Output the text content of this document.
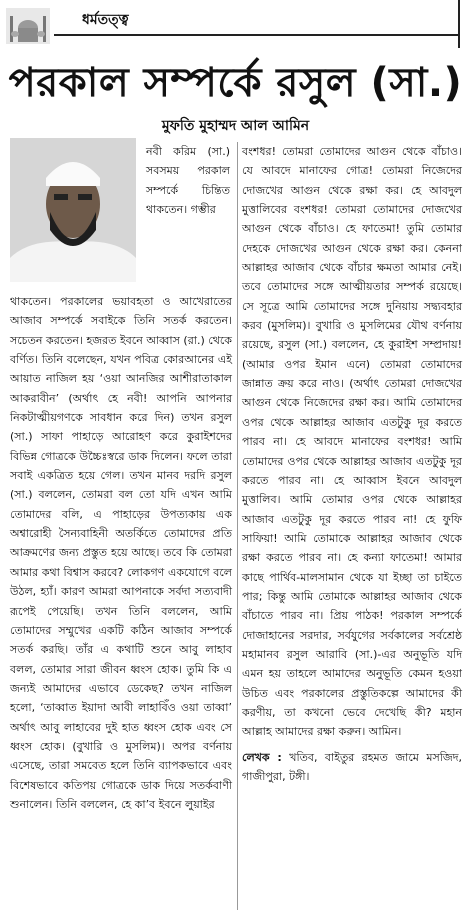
ধর্মতত্ত্ব
পরকাল সম্পর্কে রসুল (সা.)
মুফতি মুহাম্মদ আল আমিন

নবী করিম (সা.) সবসময় পরকাল সম্পর্কে চিন্তিত থাকতেন। গম্ভীর

থাকতেন। পরকালের ভয়াবহতা ও আখেরাতের আজাব সম্পর্কে সবাইকে তিনি সতর্ক করতেন। সচেতন করতেন। হজরত ইবনে আব্বাস (রা.) থেকে বর্ণিত। তিনি বলেছেন, যখন পবিত্র কোরআনের এই আয়াত নাজিল হয় ‘ওয়া আনজির আশীরাতাকাল আকরাবীন’ (অর্থাৎ হে নবী! আপনি আপনার নিকটাত্মীয়গণকে সাবধান করে দিন) তখন রসুল (সা.) সাফা পাহাড়ে আরোহণ করে কুরাইশদের বিভিন্ন গোত্রকে উচ্চৈঃস্বরে ডাক দিলেন। ফলে তারা সবাই একত্রিত হয়ে গেল। তখন মানব দরদি রসুল (সা.) বললেন, তোমরা বল তো যদি এখন আমি তোমাদের বলি, এ পাহাড়ের উপত্যকায় এক অশ্বারোহী সৈন্যবাহিনী অতর্কিতে তোমাদের প্রতি আক্রমণের জন্য প্রস্তুত হয়ে আছে। তবে কি তোমরা আমার কথা বিশ্বাস করবে? লোকগণ একযোগে বলে উঠল, হ্যাঁ। কারণ আমরা আপনাকে সর্বদা সত্যবাদী রূপেই পেয়েছি। তখন তিনি বললেন, আমি তোমাদের সম্মুখের একটি কঠিন আজাব সম্পর্কে সতর্ক করছি। তাঁর এ কথাটি শুনে আবু লাহাব বলল, তোমার সারা জীবন ধ্বংস হোক। তুমি কি এ জন্যই আমাদের এভাবে ডেকেছ? তখন নাজিল হলো, ‘তাব্বাত ইয়াদা আবী লাহাবিঁও ওয়া তাব্বা’ অর্থাৎ আবু লাহাবের দুই হাত ধ্বংস হোক এবং সে ধ্বংস হোক। (বুখারি ও মুসলিম)। অপর বর্ণনায় এসেছে, তারা সমবেত হলে তিনি ব্যাপকভাবে এবং বিশেষভাবে কতিপয় গোত্রকে ডাক দিয়ে সতর্কবাণী শুনালেন। তিনি বললেন, হে কা’ব ইবনে লুয়াইর

বংশধর! তোমরা তোমাদের আগুন থেকে বাঁচাও। যে আবদে মানাফের গোত্র! তোমরা নিজেদের দোজখের আগুন থেকে রক্ষা কর। হে আবদুল মুত্তালিবের বংশধর! তোমরা তোমাদের দোজখের আগুন থেকে বাঁচাও। হে ফাতেমা! তুমি তোমার দেহকে দোজখের আগুন থেকে রক্ষা কর। কেননা আল্লাহর আজাব থেকে বাঁচার ক্ষমতা আমার নেই। তবে তোমাদের সঙ্গে আত্মীয়তার সম্পর্ক রয়েছে। সে সূত্রে আমি তোমাদের সঙ্গে দুনিয়ায় সদ্ব্যবহার করব (মুসলিম)। বুখারি ও মুসলিমের যৌথ বর্ণনায় রয়েছে, রসুল (সা.) বললেন, হে কুরাইশ সম্প্রদায়! (আমার ওপর ইমান এনে) তোমরা তোমাদের জান্নাত ক্রয় করে নাও। (অর্থাৎ তোমরা দোজখের আগুন থেকে নিজেদের রক্ষা কর। আমি তোমাদের ওপর থেকে আল্লাহর আজাব এতটুকু দূর করতে পারব না। হে আবদে মানাফের বংশধর! আমি তোমাদের ওপর থেকে আল্লাহর আজাব এতটুকু দূর করতে পারব না। হে আব্বাস ইবনে আবদুল মুত্তালিব। আমি তোমার ওপর থেকে আল্লাহর আজাব এতটুকু দূর করতে পারব না! হে ফুফি সাফিয়া! আমি তোমাকে আল্লাহর আজাব থেকে রক্ষা করতে পারব না। হে কন্যা ফাতেমা! আমার কাছে পার্থিব-মালসামান থেকে যা ইচ্ছা তা চাইতে পার; কিন্তু আমি তোমাকে আল্লাহর আজাব থেকে বাঁচাতে পারব না। প্রিয় পাঠক! পরকাল সম্পর্কে দোজাহানের সরদার, সর্বযুগের সর্বকালের সর্বশ্রেষ্ঠ মহামানব রসুল আরাবি (সা.)-এর অনুভূতি যদি এমন হয় তাহলে আমাদের অনুভূতি কেমন হওয়া উচিত এবং পরকালের প্রস্তুতিকল্পে আমাদের কী করণীয়, তা কখনো ভেবে দেখেছি কী? মহান আল্লাহ আমাদের রক্ষা করুন। আমিন।

লেখক : খতিব, বাইতুর রহমত জামে মসজিদ, গাজীপুরা, টঙ্গী।
